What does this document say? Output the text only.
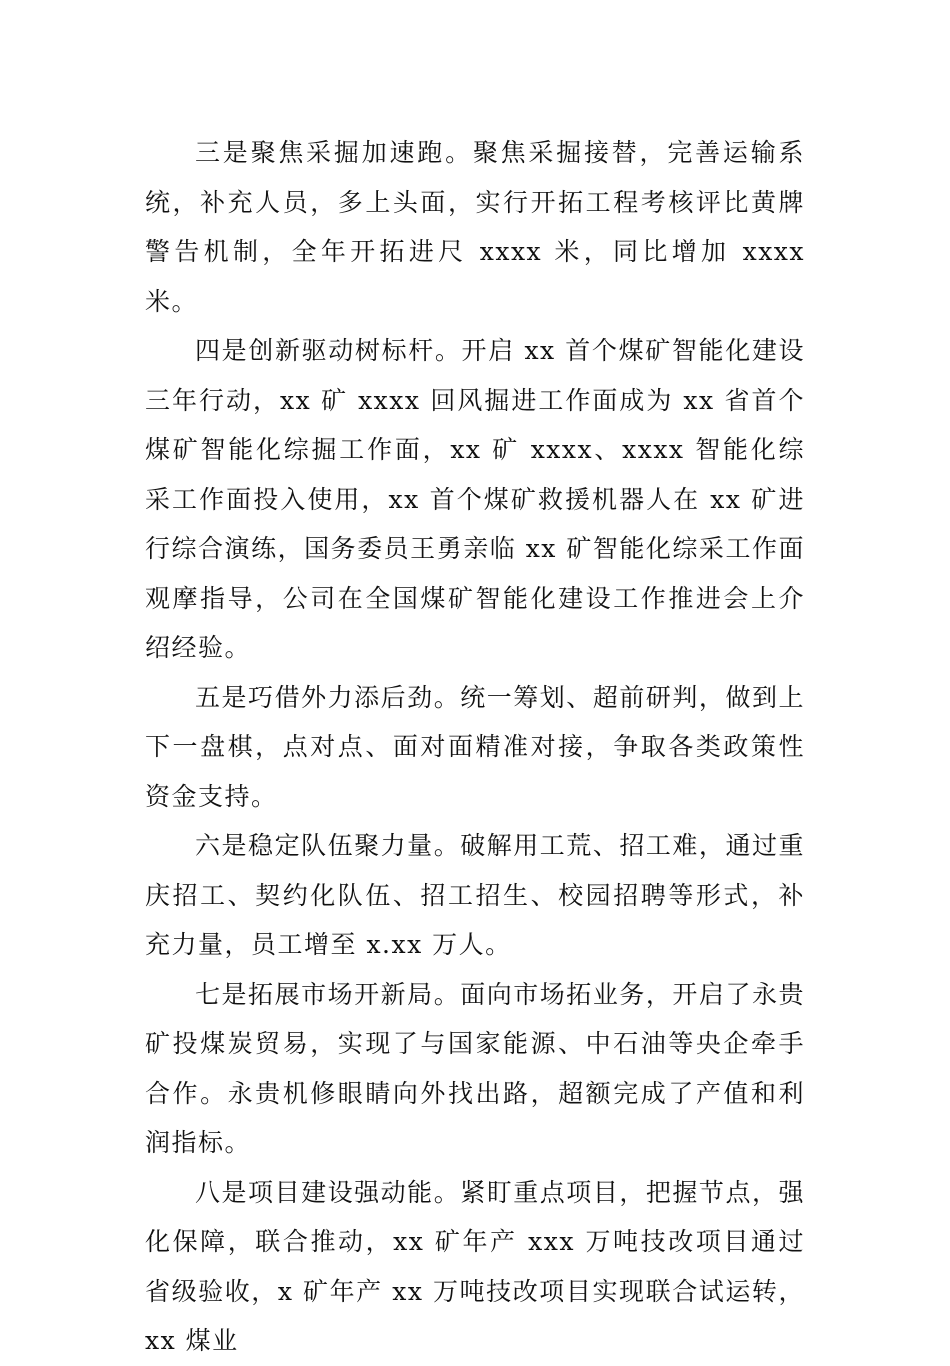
三是聚焦采掘加速跑。聚焦采掘接替，完善运输系统，补充人员，多上头面，实行开拓工程考核评比黄牌警告机制，全年开拓进尺 xxxx 米，同比增加 xxxx 米。

四是创新驱动树标杆。开启 xx 首个煤矿智能化建设三年行动，xx 矿 xxxx 回风掘进工作面成为 xx 省首个煤矿智能化综掘工作面，xx 矿 xxxx、xxxx 智能化综采工作面投入使用，xx 首个煤矿救援机器人在 xx 矿进行综合演练，国务委员王勇亲临 xx 矿智能化综采工作面观摩指导，公司在全国煤矿智能化建设工作推进会上介绍经验。

五是巧借外力添后劲。统一筹划、超前研判，做到上下一盘棋，点对点、面对面精准对接，争取各类政策性资金支持。

六是稳定队伍聚力量。破解用工荒、招工难，通过重庆招工、契约化队伍、招工招生、校园招聘等形式，补充力量，员工增至 x.xx 万人。

七是拓展市场开新局。面向市场拓业务，开启了永贵矿投煤炭贸易，实现了与国家能源、中石油等央企牵手合作。永贵机修眼睛向外找出路，超额完成了产值和利润指标。

八是项目建设强动能。紧盯重点项目，把握节点，强化保障，联合推动，xx 矿年产 xxx 万吨技改项目通过省级验收，x 矿年产 xx 万吨技改项目实现联合试运转，xx 煤业
